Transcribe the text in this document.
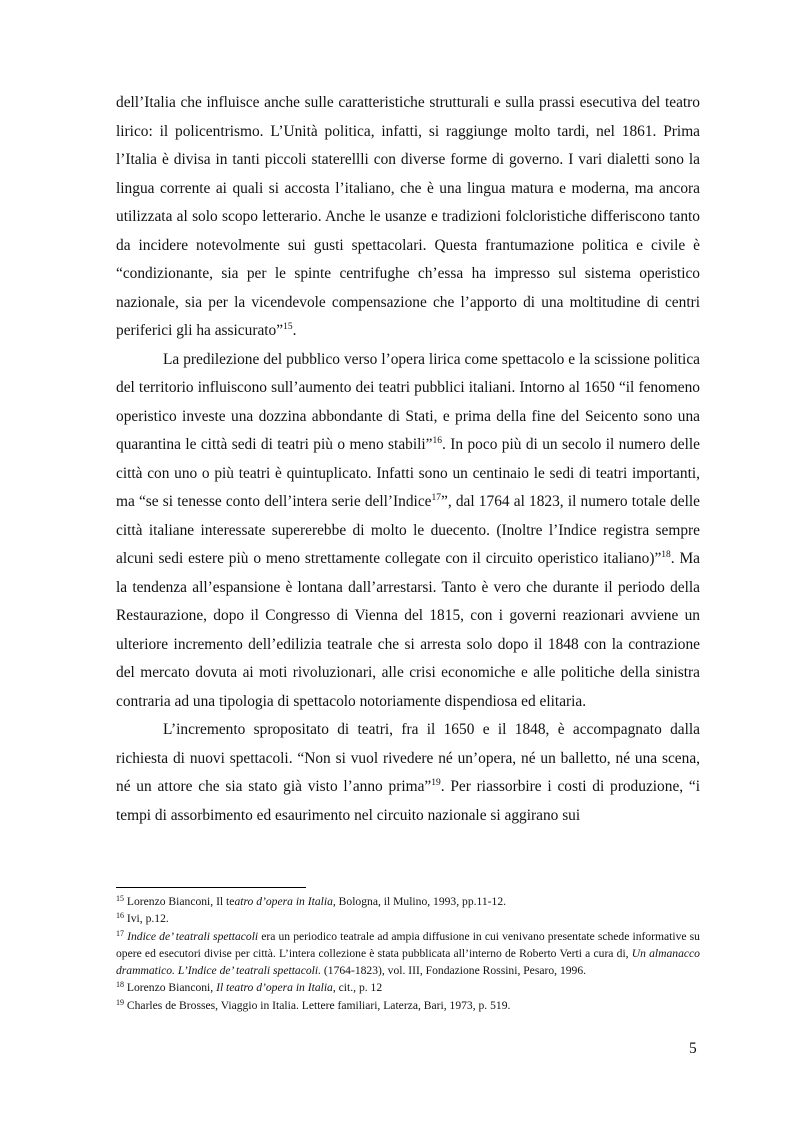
dell’Italia che influisce anche sulle caratteristiche strutturali e sulla prassi esecutiva del teatro lirico: il policentrismo. L’Unità politica, infatti, si raggiunge molto tardi, nel 1861. Prima l’Italia è divisa in tanti piccoli staterellli con diverse forme di governo. I vari dialetti sono la lingua corrente ai quali si accosta l’italiano, che è una lingua matura e moderna, ma ancora utilizzata al solo scopo letterario. Anche le usanze e tradizioni folcloristiche differiscono tanto da incidere notevolmente sui gusti spettacolari. Questa frantumazione politica e civile è “condizionante, sia per le spinte centrifughe ch’essa ha impresso sul sistema operistico nazionale, sia per la vicendevole compensazione che l’apporto di una moltitudine di centri periferici gli ha assicurato”$^{15}$.

La predilezione del pubblico verso l’opera lirica come spettacolo e la scissione politica del territorio influiscono sull’aumento dei teatri pubblici italiani. Intorno al 1650 “il fenomeno operistico investe una dozzina abbondante di Stati, e prima della fine del Seicento sono una quarantina le città sedi di teatri più o meno stabili”$^{16}$. In poco più di un secolo il numero delle città con uno o più teatri è quintuplicato. Infatti sono un centinaio le sedi di teatri importanti, ma “se si tenesse conto dell’intera serie dell’Indice$^{17}$”, dal 1764 al 1823, il numero totale delle città italiane interessate supererebbe di molto le duecento. (Inoltre l’Indice registra sempre alcuni sedi estere più o meno strettamente collegate con il circuito operistico italiano)”$^{18}$. Ma la tendenza all’espansione è lontana dall’arrestarsi. Tanto è vero che durante il periodo della Restaurazione, dopo il Congresso di Vienna del 1815, con i governi reazionari avviene un ulteriore incremento dell’edilizia teatrale che si arresta solo dopo il 1848 con la contrazione del mercato dovuta ai moti rivoluzionari, alle crisi economiche e alle politiche della sinistra contraria ad una tipologia di spettacolo notoriamente dispendiosa ed elitaria.

L’incremento spropositato di teatri, fra il 1650 e il 1848, è accompagnato dalla richiesta di nuovi spettacoli. “Non si vuol rivedere né un’opera, né un balletto, né una scena, né un attore che sia stato già visto l’anno prima”$^{19}$. Per riassorbire i costi di produzione, “i tempi di assorbimento ed esaurimento nel circuito nazionale si aggirano sui

$^{15}$ Lorenzo Bianconi, Il teatro d’opera in Italia, Bologna, il Mulino, 1993, pp.11-12.

$^{16}$ Ivi, p.12.

$^{17}$ Indice de’ teatrali spettacoli era un periodico teatrale ad ampia diffusione in cui venivano presentate schede informative su opere ed esecutori divise per città. L’intera collezione è stata pubblicata all’interno de Roberto Verti a cura di, Un almanacco drammatico. L’Indice de’ teatrali spettacoli. (1764-1823), vol. III, Fondazione Rossini, Pesaro, 1996.

$^{18}$ Lorenzo Bianconi, Il teatro d’opera in Italia, cit., p. 12

$^{19}$ Charles de Brosses, Viaggio in Italia. Lettere familiari, Laterza, Bari, 1973, p. 519.

5
